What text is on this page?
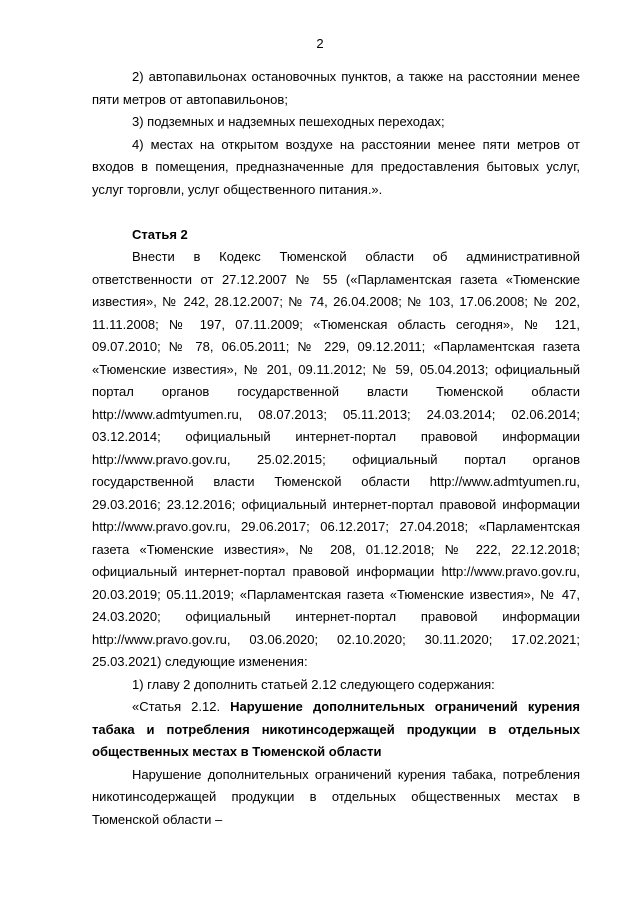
2

2) автопавильонах остановочных пунктов, а также на расстоянии менее пяти метров от автопавильонов;

3) подземных и надземных пешеходных переходах;

4) местах на открытом воздухе на расстоянии менее пяти метров от входов в помещения, предназначенные для предоставления бытовых услуг, услуг торговли, услуг общественного питания.».

Статья 2

Внести в Кодекс Тюменской области об административной ответственности от 27.12.2007 № 55 («Парламентская газета «Тюменские известия», № 242, 28.12.2007; № 74, 26.04.2008; № 103, 17.06.2008; № 202, 11.11.2008; № 197, 07.11.2009; «Тюменская область сегодня», № 121, 09.07.2010; № 78, 06.05.2011; № 229, 09.12.2011; «Парламентская газета «Тюменские известия», № 201, 09.11.2012; № 59, 05.04.2013; официальный портал органов государственной власти Тюменской области http://www.admtyumen.ru, 08.07.2013; 05.11.2013; 24.03.2014; 02.06.2014; 03.12.2014; официальный интернет-портал правовой информации http://www.pravo.gov.ru, 25.02.2015; официальный портал органов государственной власти Тюменской области http://www.admtyumen.ru, 29.03.2016; 23.12.2016; официальный интернет-портал правовой информации http://www.pravo.gov.ru, 29.06.2017; 06.12.2017; 27.04.2018; «Парламентская газета «Тюменские известия», № 208, 01.12.2018; № 222, 22.12.2018; официальный интернет-портал правовой информации http://www.pravo.gov.ru, 20.03.2019; 05.11.2019; «Парламентская газета «Тюменские известия», № 47, 24.03.2020; официальный интернет-портал правовой информации http://www.pravo.gov.ru, 03.06.2020; 02.10.2020; 30.11.2020; 17.02.2021; 25.03.2021) следующие изменения:

1) главу 2 дополнить статьей 2.12 следующего содержания:

«Статья 2.12. Нарушение дополнительных ограничений курения табака и потребления никотинсодержащей продукции в отдельных общественных местах в Тюменской области

Нарушение дополнительных ограничений курения табака, потребления никотинсодержащей продукции в отдельных общественных местах в Тюменской области –
